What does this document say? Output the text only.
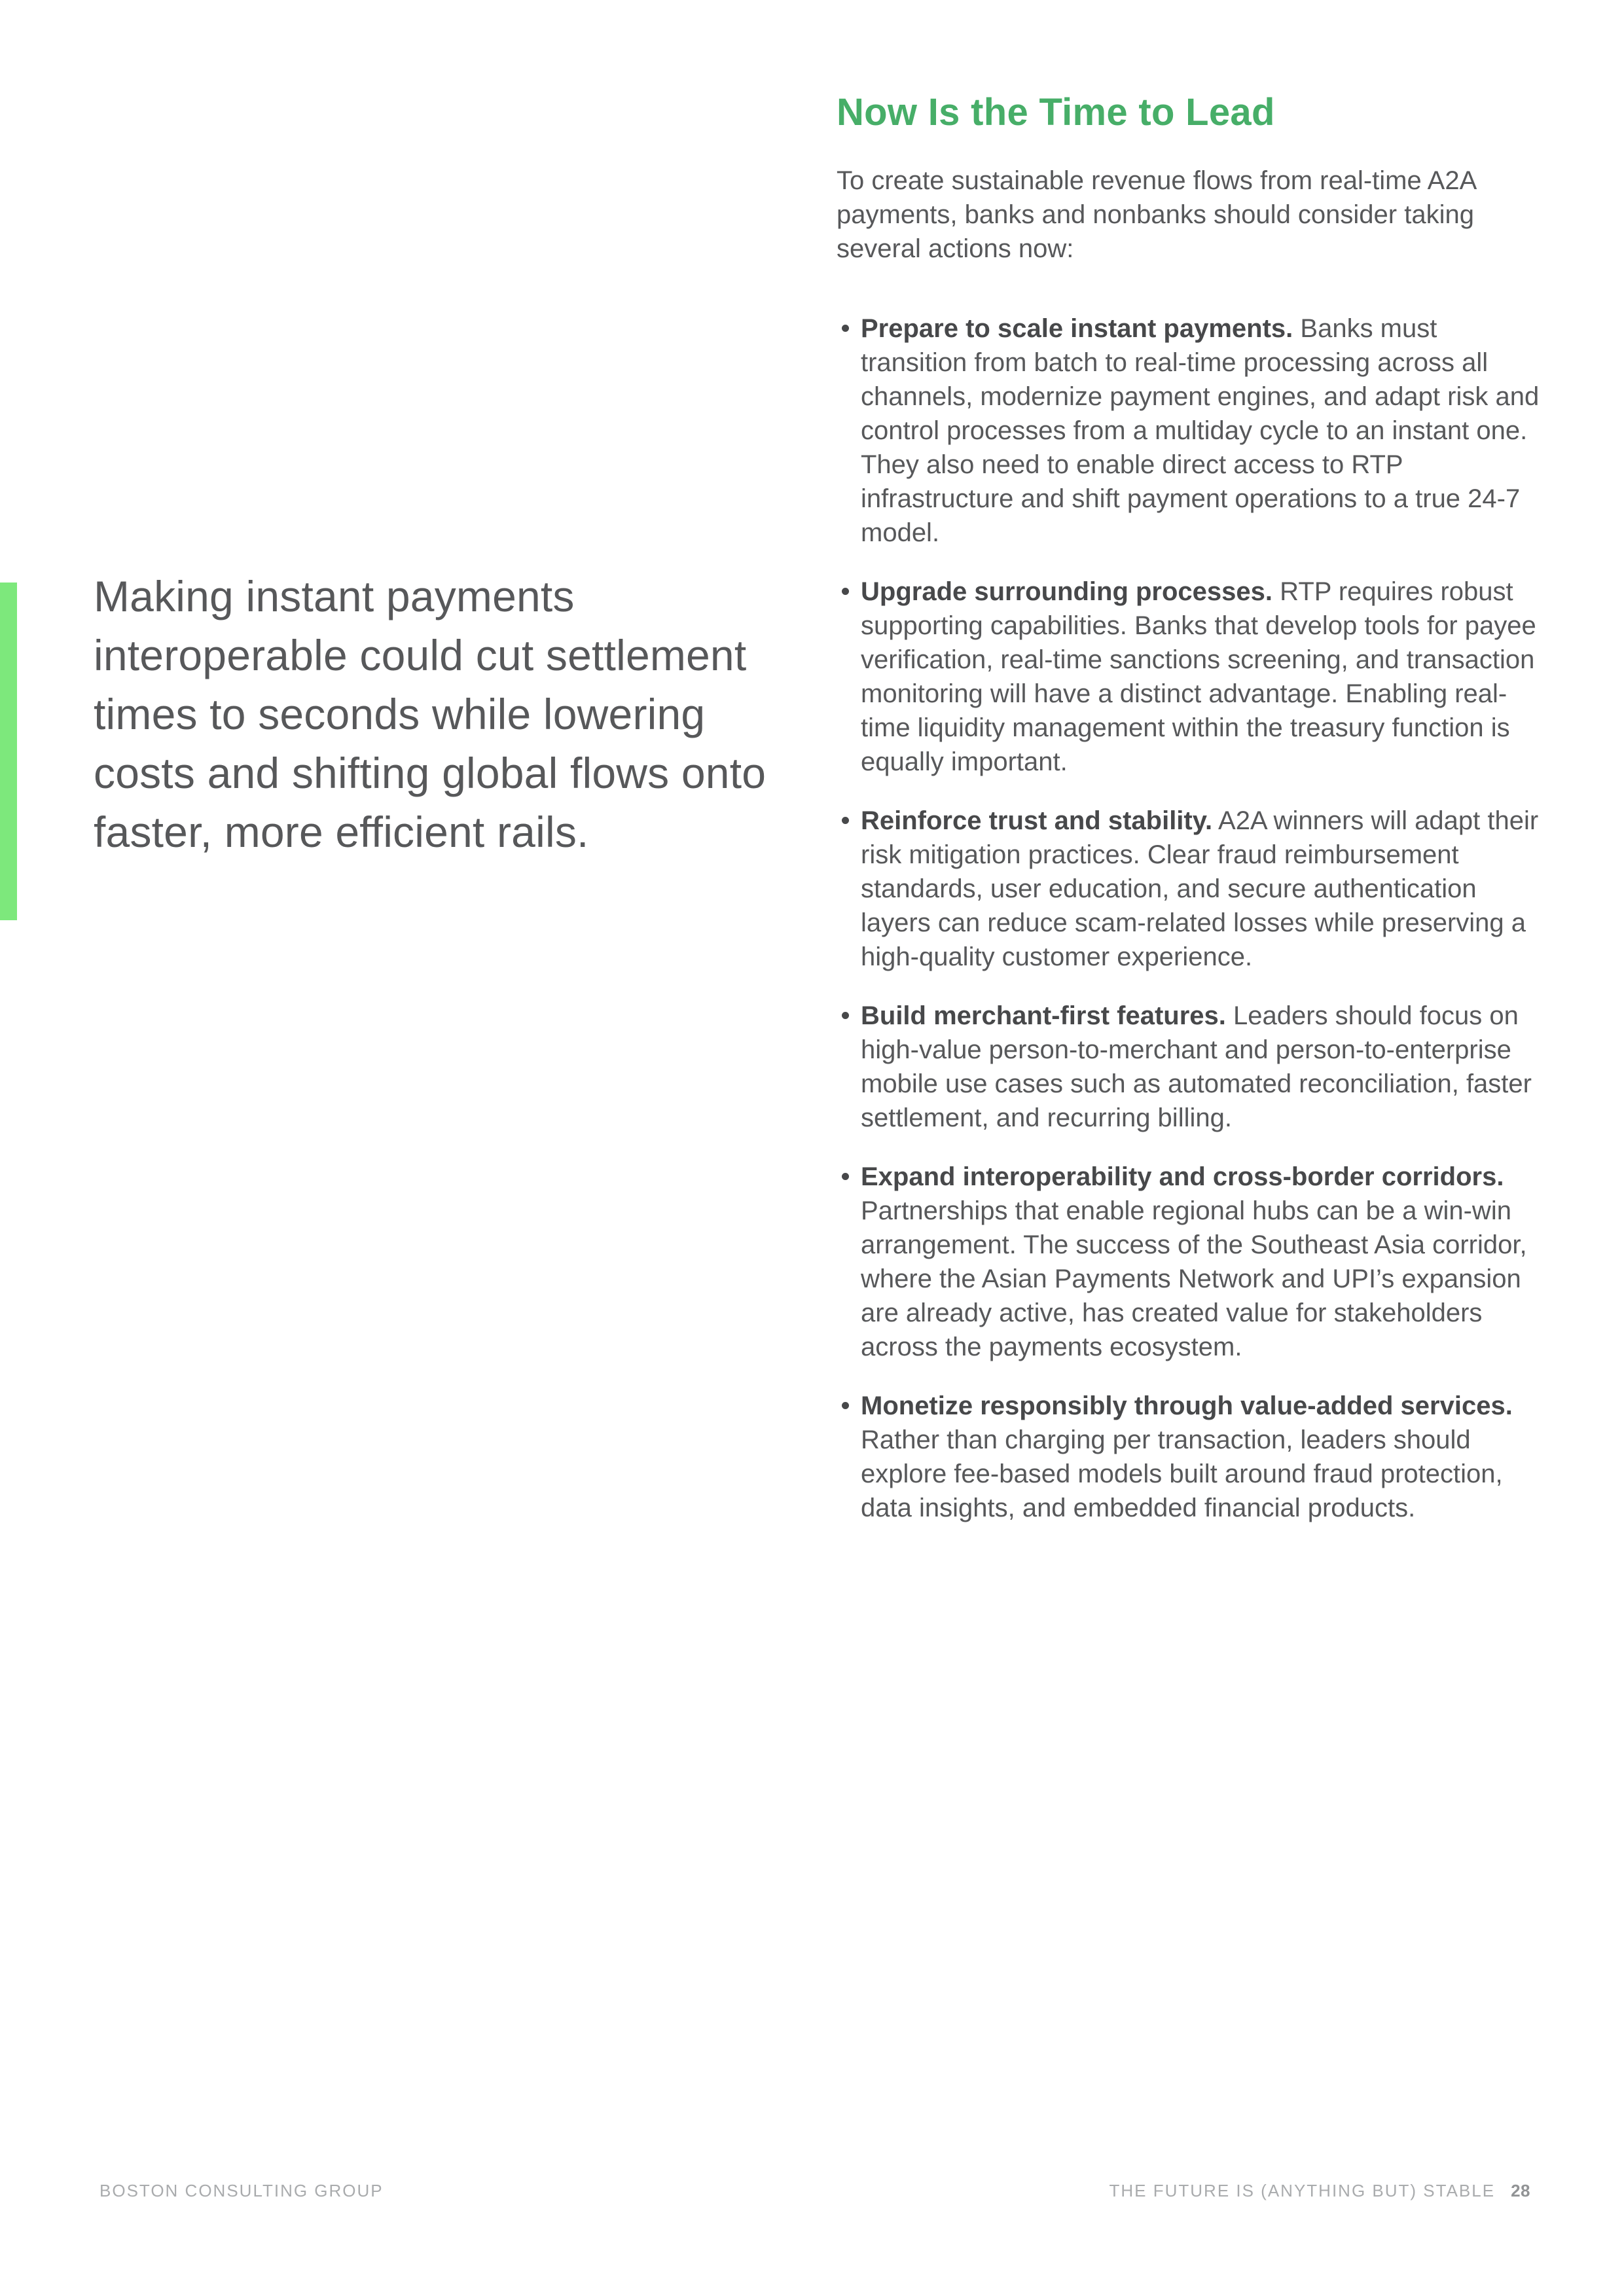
Making instant payments interoperable could cut settlement times to seconds while lowering costs and shifting global flows onto faster, more efficient rails.
Now Is the Time to Lead

To create sustainable revenue flows from real-time A2A payments, banks and nonbanks should consider taking several actions now:

Prepare to scale instant payments. Banks must transition from batch to real-time processing across all channels, modernize payment engines, and adapt risk and control processes from a multiday cycle to an instant one. They also need to enable direct access to RTP infrastructure and shift payment operations to a true 24-7 model.
Upgrade surrounding processes. RTP requires robust supporting capabilities. Banks that develop tools for payee verification, real-time sanctions screening, and transaction monitoring will have a distinct advantage. Enabling real-time liquidity management within the treasury function is equally important.
Reinforce trust and stability. A2A winners will adapt their risk mitigation practices. Clear fraud reimbursement standards, user education, and secure authentication layers can reduce scam-related losses while preserving a high-quality customer experience.
Build merchant-first features. Leaders should focus on high-value person-to-merchant and person-to-enterprise mobile use cases such as automated reconciliation, faster settlement, and recurring billing.
Expand interoperability and cross-border corridors. Partnerships that enable regional hubs can be a win-win arrangement. The success of the Southeast Asia corridor, where the Asian Payments Network and UPI’s expansion are already active, has created value for stakeholders across the payments ecosystem.
Monetize responsibly through value-added services. Rather than charging per transaction, leaders should explore fee-based models built around fraud protection, data insights, and embedded financial products.
BOSTON CONSULTING GROUP	THE FUTURE IS (ANYTHING BUT) STABLE 28
